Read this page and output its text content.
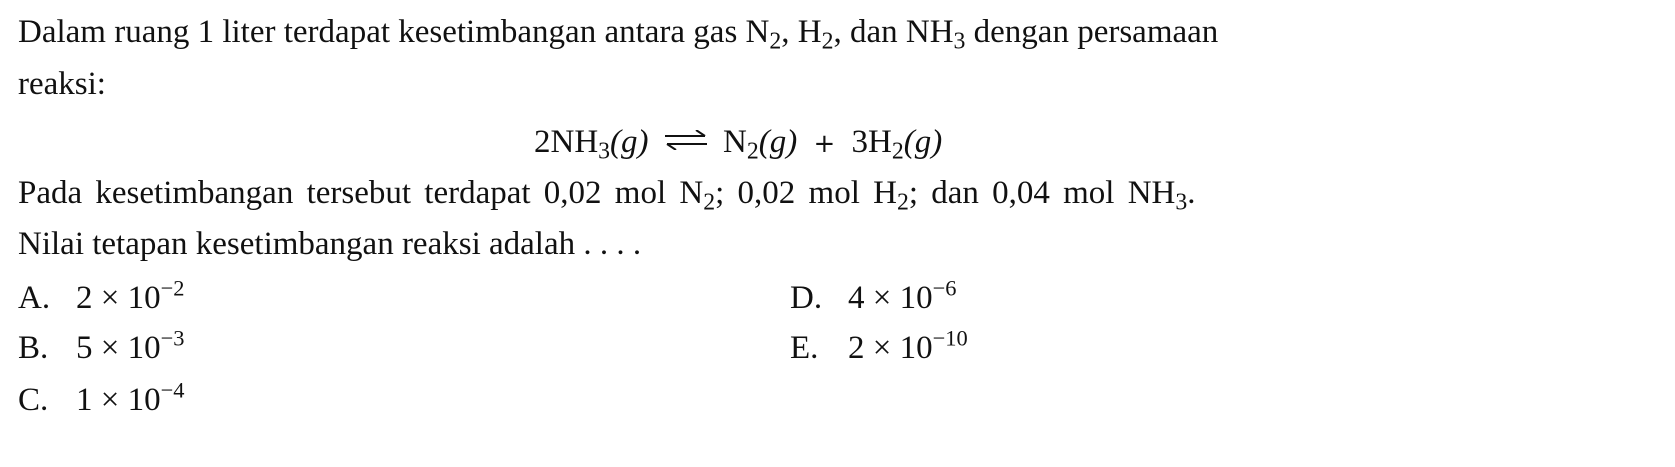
Dalam ruang 1 liter terdapat kesetimbangan antara gas $N_2$, $H_2$, dan $NH_3$ dengan persamaan
reaksi:
$2NH_3(g)$ ⇌ $N_2(g) + 3H_2(g)$
Pada kesetimbangan tersebut terdapat 0,02 mol $N_2$; 0,02 mol $H_2$; dan 0,04 mol $NH_3$.
Nilai tetapan kesetimbangan reaksi adalah . . . .
A. $2 \times 10^{-2}$
B. $5 \times 10^{-3}$
C. $1 \times 10^{-4}$
D. $4 \times 10^{-6}$
E. $2 \times 10^{-10}$
